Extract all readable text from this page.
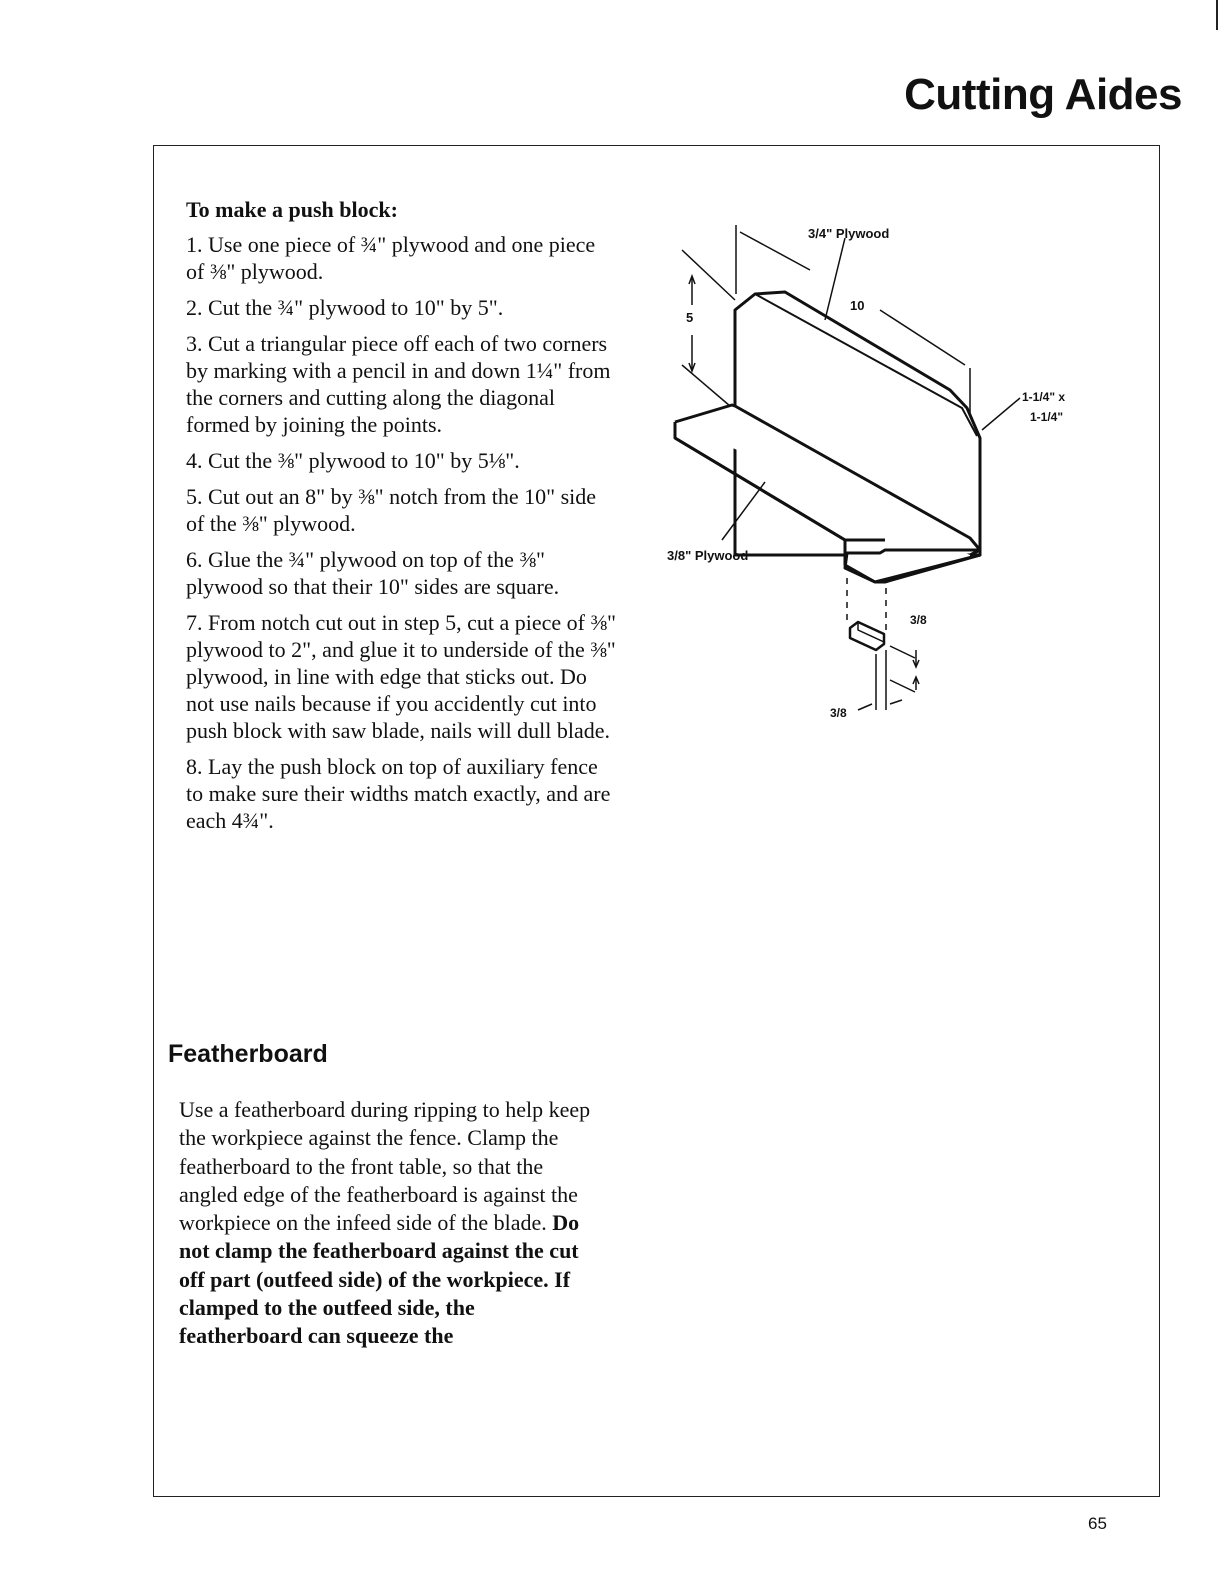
Cutting Aides

To make a push block:

1. Use one piece of ¾" plywood and one piece of ⅜" plywood.

2. Cut the ¾" plywood to 10" by 5".

3. Cut a triangular piece off each of two corners by marking with a pencil in and down 1¼" from the corners and cutting along the diagonal formed by joining the points.

4. Cut the ⅜" plywood to 10" by 5⅛".

5. Cut out an 8" by ⅜" notch from the 10" side of the ⅜" plywood.

6. Glue the ¾" plywood on top of the ⅜" plywood so that their 10" sides are square.

7. From notch cut out in step 5, cut a piece of ⅜" plywood to 2", and glue it to underside of the ⅜" plywood, in line with edge that sticks out. Do not use nails because if you accidently cut into push block with saw blade, nails will dull blade.

8. Lay the push block on top of auxiliary fence to make sure their widths match exactly, and are each 4¾".

Featherboard
Use a featherboard during ripping to help keep the workpiece against the fence. Clamp the featherboard to the front table, so that the angled edge of the featherboard is against the workpiece on the infeed side of the blade. Do not clamp the featherboard against the cut off part (outfeed side) of the workpiece. If clamped to the outfeed side, the featherboard can squeeze the
3/4" Plywood
10
5
1-1/4" x
1-1/4"
3/8" Plywood
3/8
3/8
65
